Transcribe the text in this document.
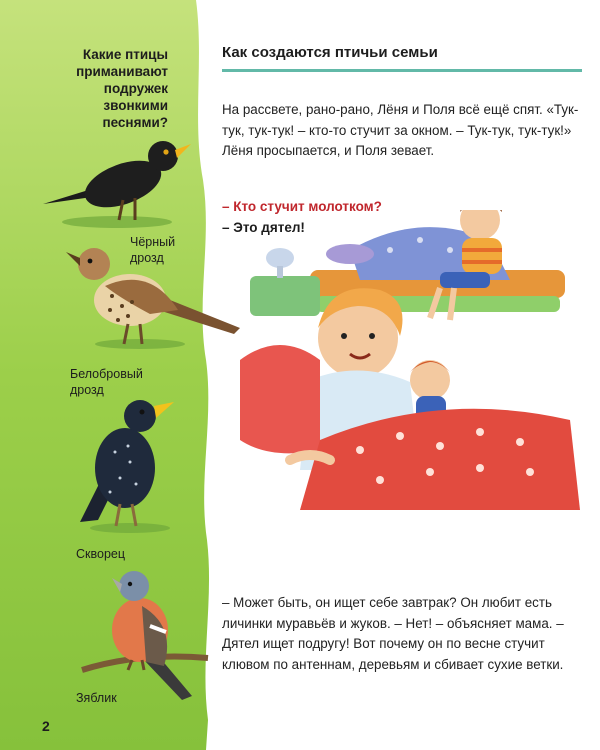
Какие птицы приманивают подружек звонкими песнями?
Чёрный дрозд
Белобровый дрозд
Скворец
Зяблик
2
Как создаются птичьи семьи

На рассвете, рано-рано, Лёня и Поля всё ещё спят. «Тук-тук, тук-тук! – кто-то стучит за окном. – Тук-тук, тук-тук!» Лёня просыпается, и Поля зевает.

– Кто стучит молотком?
– Это дятел!

– Может быть, он ищет себе завтрак? Он любит есть личинки муравьёв и жуков. – Нет! – объясняет мама. – Дятел ищет подругу! Вот почему он по весне стучит клювом по антеннам, деревьям и сбивает сухие ветки.
